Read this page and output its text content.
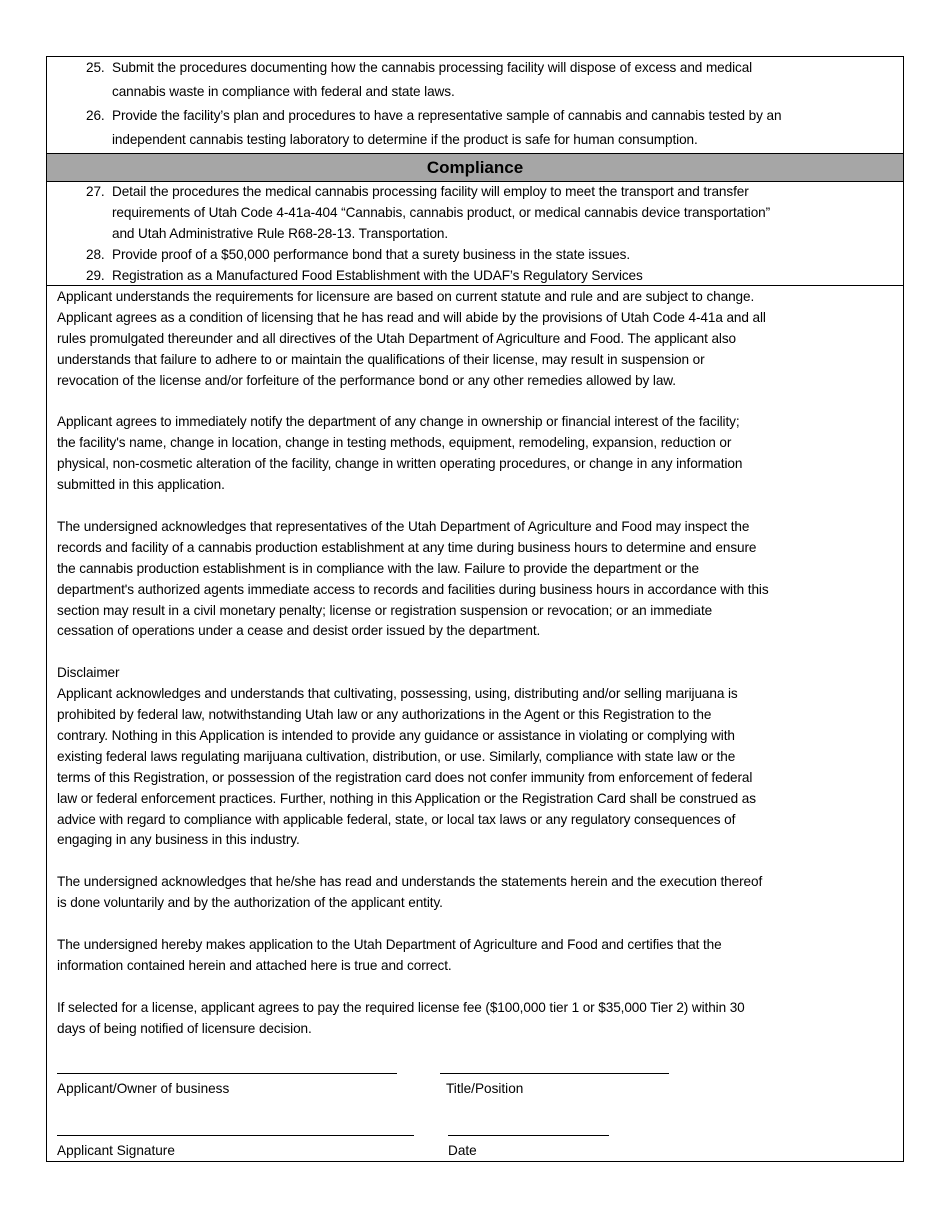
25. Submit the procedures documenting how the cannabis processing facility will dispose of excess and medical
cannabis waste in compliance with federal and state laws.
26. Provide the facility’s plan and procedures to have a representative sample of cannabis and cannabis tested by an
independent cannabis testing laboratory to determine if the product is safe for human consumption.
Compliance
27. Detail the procedures the medical cannabis processing facility will employ to meet the transport and transfer
requirements of Utah Code 4-41a-404 “Cannabis, cannabis product, or medical cannabis device transportation”
and Utah Administrative Rule R68-28-13. Transportation.
28. Provide proof of a $50,000 performance bond that a surety business in the state issues.
29. Registration as a Manufactured Food Establishment with the UDAF’s Regulatory Services
Applicant understands the requirements for licensure are based on current statute and rule and are subject to change.
Applicant agrees as a condition of licensing that he has read and will abide by the provisions of Utah Code 4-41a and all
rules promulgated thereunder and all directives of the Utah Department of Agriculture and Food. The applicant also
understands that failure to adhere to or maintain the qualifications of their license, may result in suspension or
revocation of the license and/or forfeiture of the performance bond or any other remedies allowed by law.
Applicant agrees to immediately notify the department of any change in ownership or financial interest of the facility;
the facility's name, change in location, change in testing methods, equipment, remodeling, expansion, reduction or
physical, non-cosmetic alteration of the facility, change in written operating procedures, or change in any information
submitted in this application.
The undersigned acknowledges that representatives of the Utah Department of Agriculture and Food may inspect the
records and facility of a cannabis production establishment at any time during business hours to determine and ensure
the cannabis production establishment is in compliance with the law. Failure to provide the department or the
department's authorized agents immediate access to records and facilities during business hours in accordance with this
section may result in a civil monetary penalty; license or registration suspension or revocation; or an immediate
cessation of operations under a cease and desist order issued by the department.
Disclaimer
Applicant acknowledges and understands that cultivating, possessing, using, distributing and/or selling marijuana is
prohibited by federal law, notwithstanding Utah law or any authorizations in the Agent or this Registration to the
contrary. Nothing in this Application is intended to provide any guidance or assistance in violating or complying with
existing federal laws regulating marijuana cultivation, distribution, or use. Similarly, compliance with state law or the
terms of this Registration, or possession of the registration card does not confer immunity from enforcement of federal
law or federal enforcement practices. Further, nothing in this Application or the Registration Card shall be construed as
advice with regard to compliance with applicable federal, state, or local tax laws or any regulatory consequences of
engaging in any business in this industry.
The undersigned acknowledges that he/she has read and understands the statements herein and the execution thereof
is done voluntarily and by the authorization of the applicant entity.
The undersigned hereby makes application to the Utah Department of Agriculture and Food and certifies that the
information contained herein and attached here is true and correct.
If selected for a license, applicant agrees to pay the required license fee ($100,000 tier 1 or $35,000 Tier 2) within 30
days of being notified of licensure decision.
Applicant/Owner of business	Title/Position
Applicant Signature	Date
